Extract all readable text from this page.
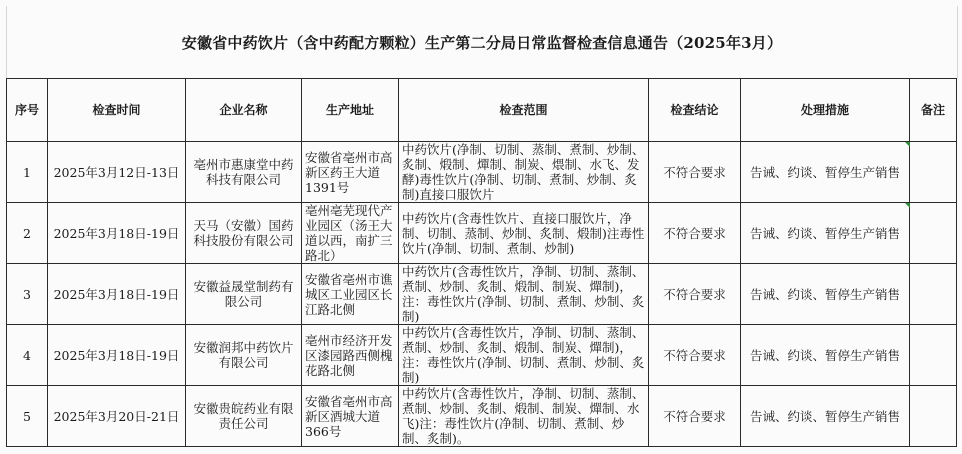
安徽省中药饮片（含中药配方颗粒）生产第二分局日常监督检查信息通告（2025年3月）
序号	检查时间	企业名称	生产地址	检查范围	检查结论	处理措施	备注
1	2025年3月12日-13日	亳州市惠康堂中药科技有限公司	安徽省亳州市高新区药王大道1391号	中药饮片(净制、切制、蒸制、煮制、炒制、炙制、煅制、燀制、制炭、煨制、水飞、发酵)毒性饮片(净制、切制、煮制、炒制、炙制)直接口服饮片	不符合要求	告诫、约谈、暂停生产销售	
2	2025年3月18日-19日	天马（安徽）国药科技股份有限公司	亳州亳芜现代产业园区（汤王大道以西，南扩三路北）	中药饮片(含毒性饮片、直接口服饮片，净制、切制、蒸制、炒制、炙制、煅制)注毒性饮片(净制、切制、煮制、炒制)	不符合要求	告诫、约谈、暂停生产销售	
3	2025年3月18日-19日	安徽益晟堂制药有限公司	安徽省亳州市谯城区工业园区长江路北侧	中药饮片(含毒性饮片，净制、切制、蒸制、煮制、炒制、炙制、煅制、制炭、燀制)，注：毒性饮片(净制、切制、煮制、炒制、炙制)	不符合要求	告诫、约谈、暂停生产销售	
4	2025年3月18日-19日	安徽润邦中药饮片有限公司	亳州市经济开发区漆园路西侧槐花路北侧	中药饮片(含毒性饮片，净制、切制、蒸制、煮制、炒制、炙制、煅制、制炭、燀制)，注：毒性饮片(净制、切制、煮制、炒制、炙制)	不符合要求	告诫、约谈、暂停生产销售	
5	2025年3月20日-21日	安徽贵皖药业有限责任公司	安徽省亳州市高新区酒城大道366号	中药饮片(含毒性饮片，净制、切制、蒸制、煮制、炒制、炙制、煅制、制炭、燀制、水飞)注：毒性饮片(净制、切制、煮制、炒制、炙制)。	不符合要求	告诫、约谈、暂停生产销售	
